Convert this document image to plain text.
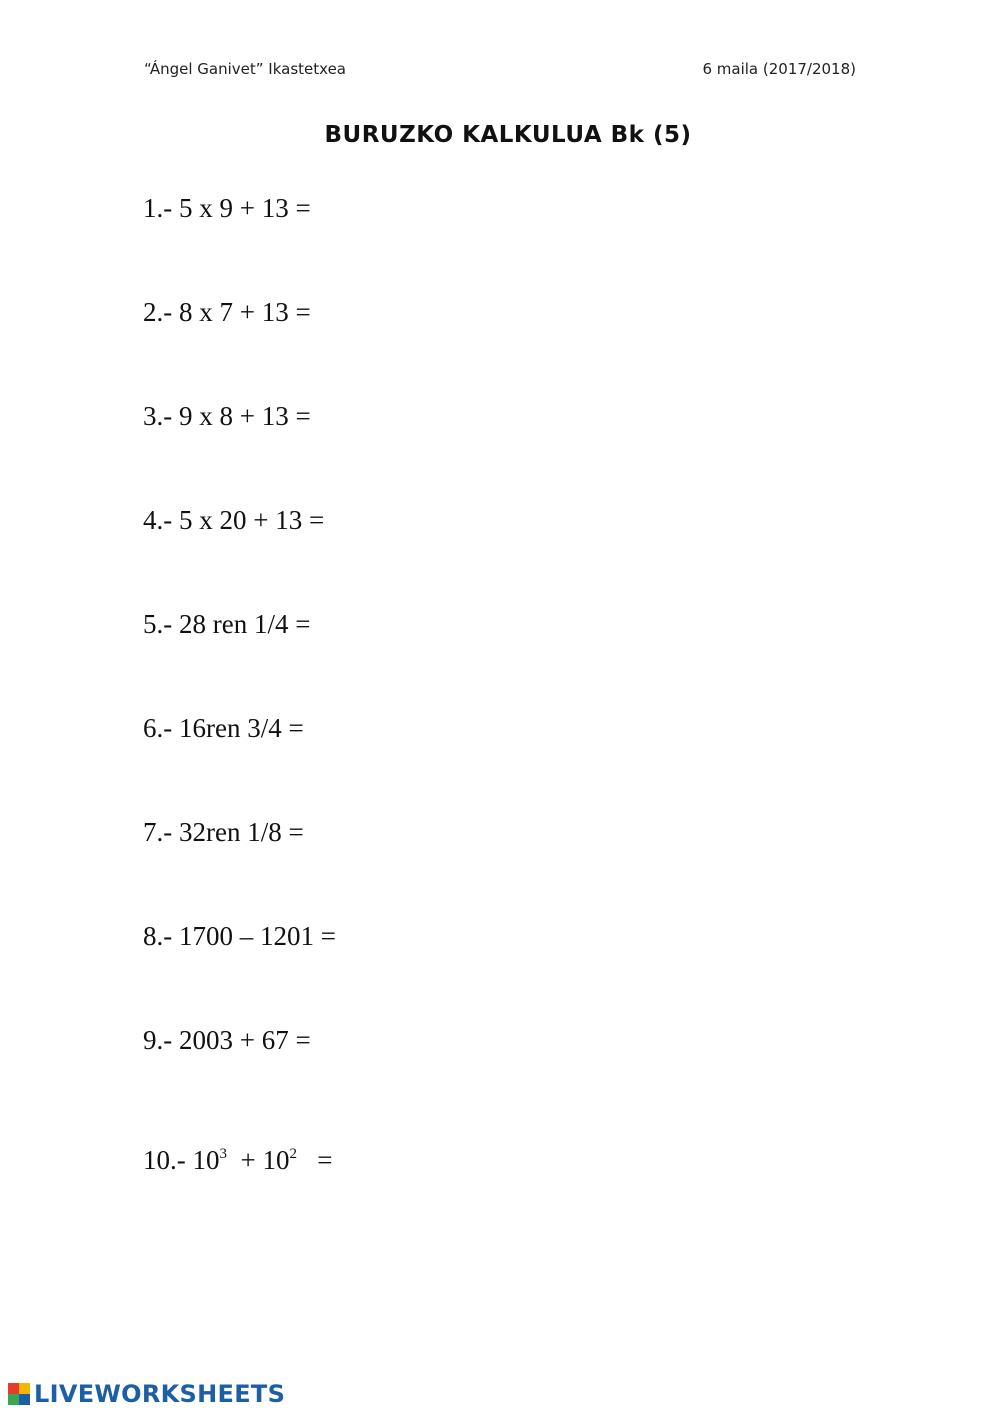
“Ángel Ganivet” Ikastetxea	6 maila (2017/2018)
BURUZKO KALKULUA Bk (5)
1.- 5 x 9 + 13 =
2.- 8 x 7 + 13 =
3.- 9 x 8 + 13 =
4.- 5 x 20 + 13 =
5.- 28 ren 1/4 =
6.- 16ren 3/4 =
7.- 32ren 1/8 =
8.- 1700 – 1201 =
9.- 2003 + 67 =
10.- $10^3 + 10^2$   =
LIVEWORKSHEETS
